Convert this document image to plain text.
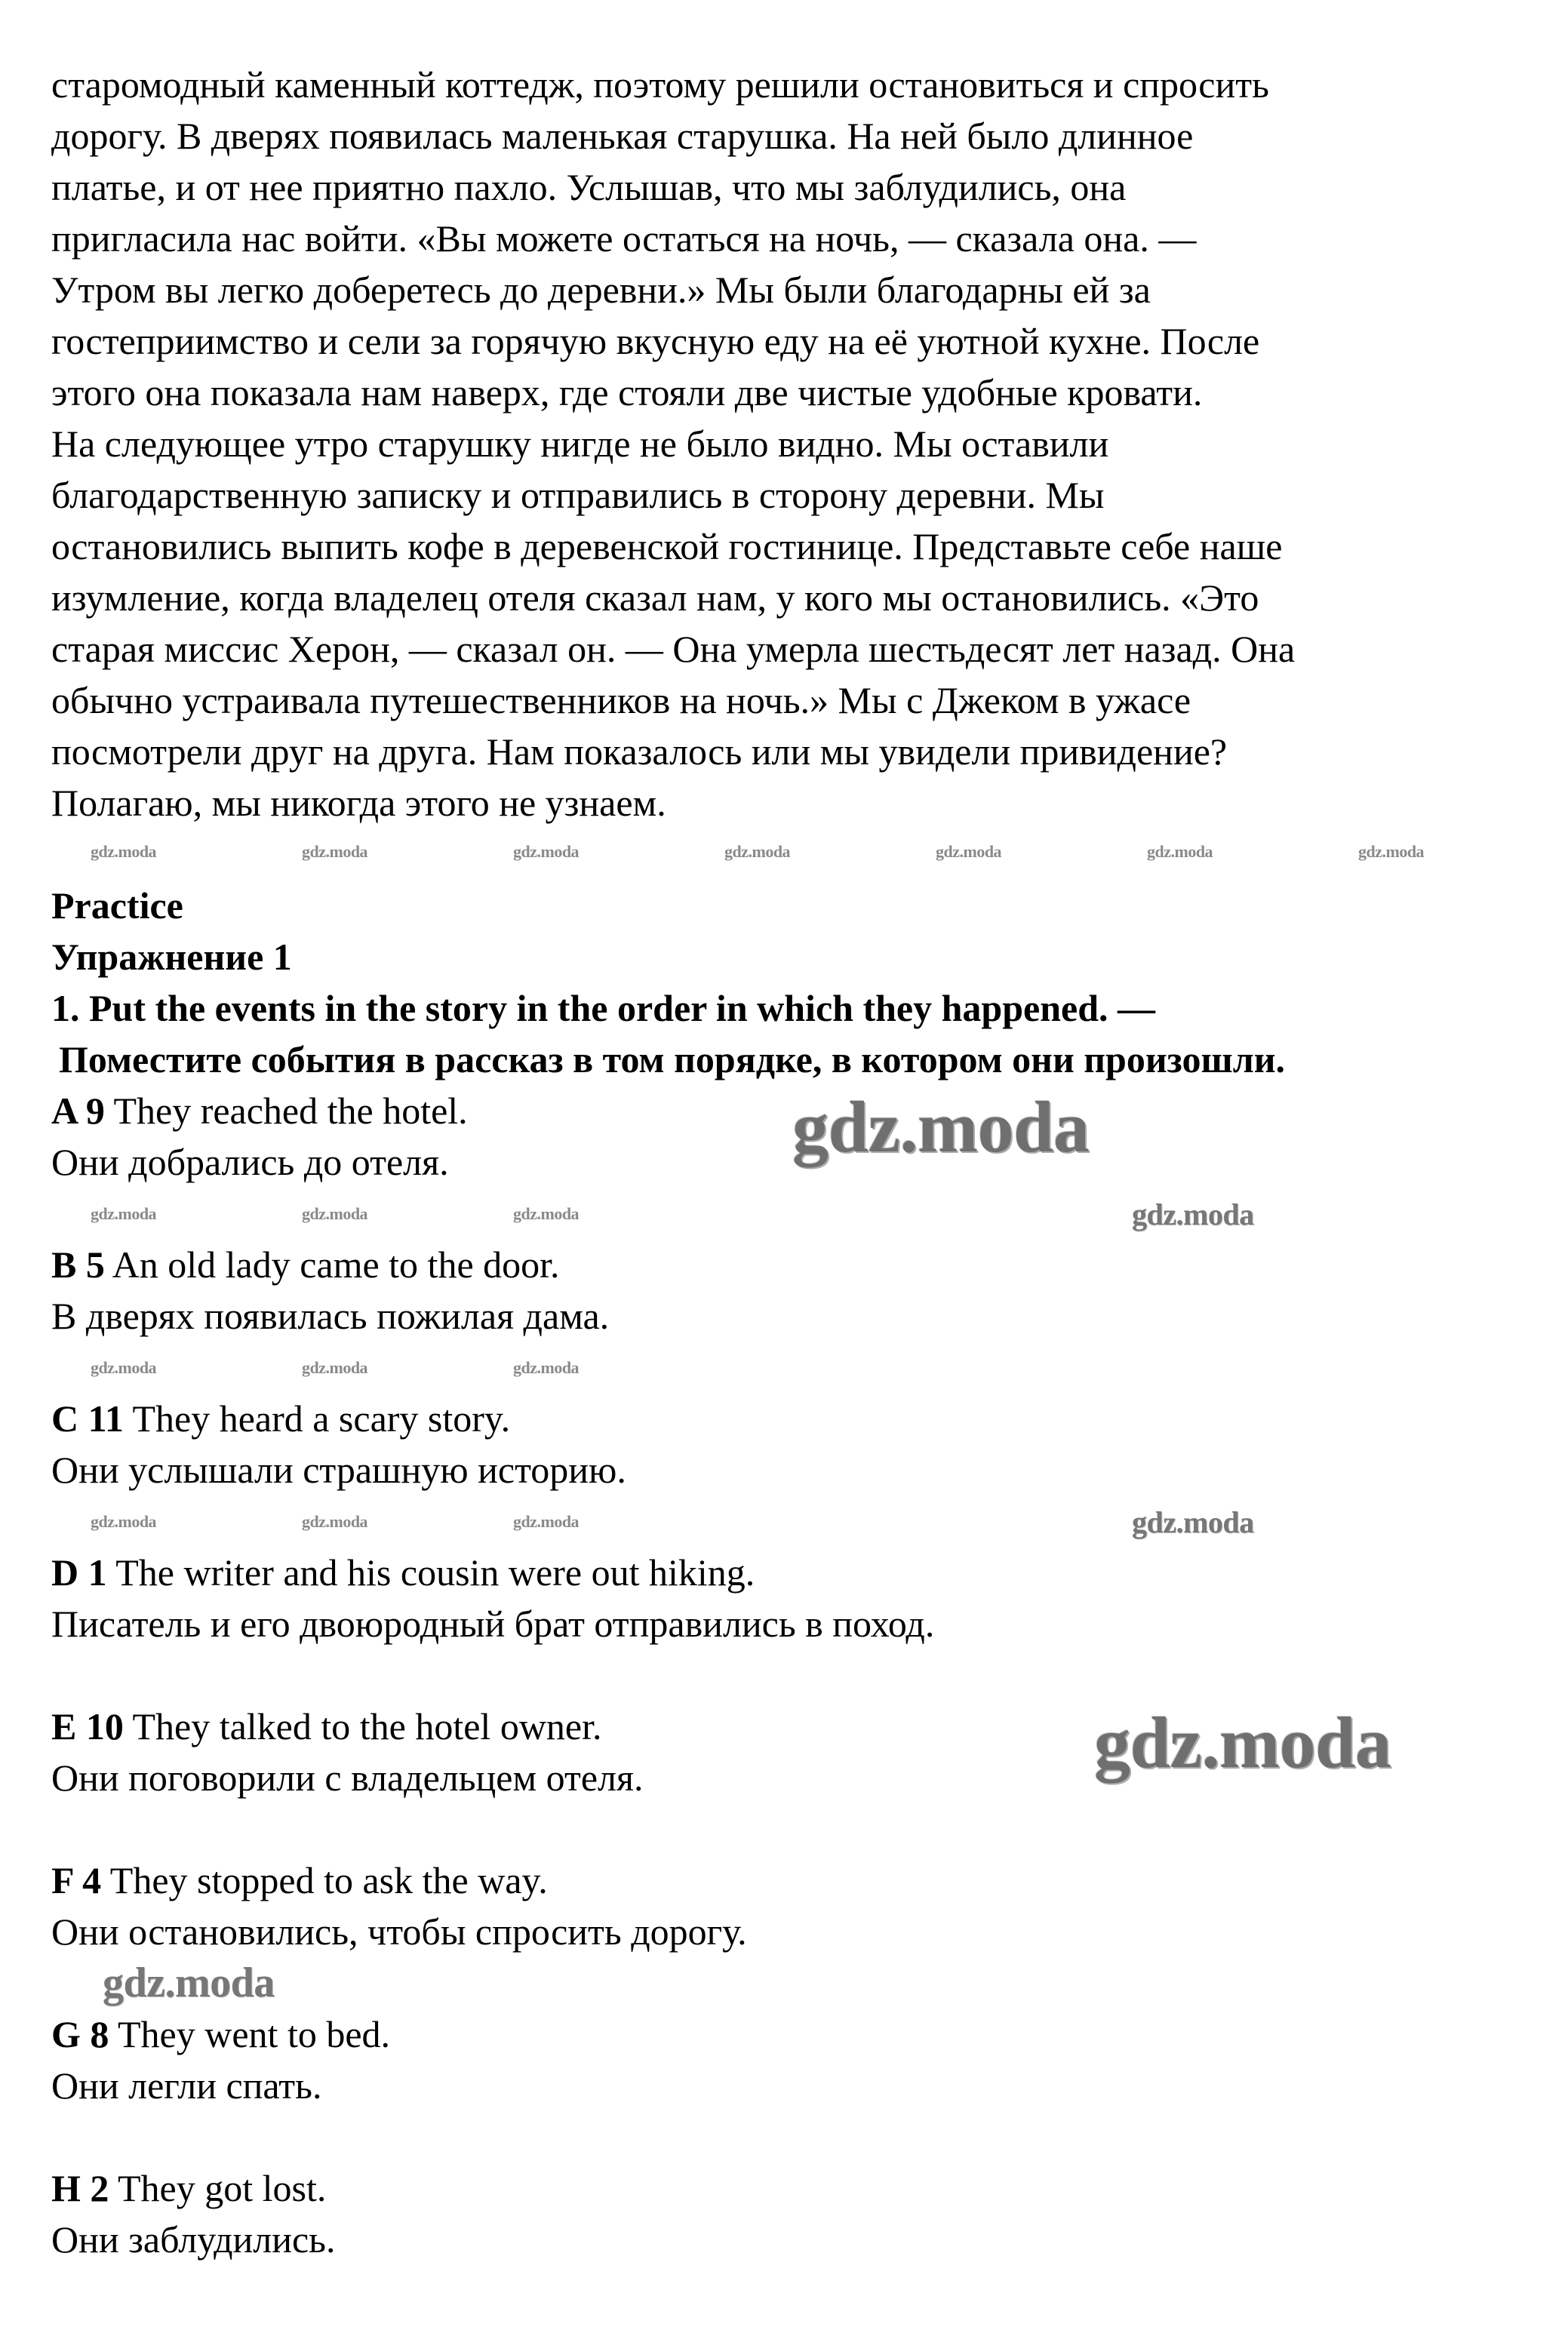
старомодный каменный коттедж, поэтому решили остановиться и спросить
дорогу. В дверях появилась маленькая старушка. На ней было длинное
платье, и от нее приятно пахло. Услышав, что мы заблудились, она
пригласила нас войти. «Вы можете остаться на ночь, — сказала она. —
Утром вы легко доберетесь до деревни.» Мы были благодарны ей за
гостеприимство и сели за горячую вкусную еду на её уютной кухне. После
этого она показала нам наверх, где стояли две чистые удобные кровати.
На следующее утро старушку нигде не было видно. Мы оставили
благодарственную записку и отправились в сторону деревни. Мы
остановились выпить кофе в деревенской гостинице. Представьте себе наше
изумление, когда владелец отеля сказал нам, у кого мы остановились. «Это
старая миссис Херон, — сказал он. — Она умерла шестьдесят лет назад. Она
обычно устраивала путешественников на ночь.» Мы с Джеком в ужасе
посмотрели друг на друга. Нам показалось или мы увидели привидение?
Полагаю, мы никогда этого не узнаем.
Practice
Упражнение 1
1. Put the events in the story in the order in which they happened. —
Поместите события в рассказ в том порядке, в котором они произошли.
A 9 They reached the hotel.
Они добрались до отеля.
B 5 An old lady came to the door.
В дверях появилась пожилая дама.
C 11 They heard a scary story.
Они услышали страшную историю.
D 1 The writer and his cousin were out hiking.
Писатель и его двоюродный брат отправились в поход.
E 10 They talked to the hotel owner.
Они поговорили с владельцем отеля.
F 4 They stopped to ask the way.
Они остановились, чтобы спросить дорогу.
G 8 They went to bed.
Они легли спать.
H 2 They got lost.
Они заблудились.
gdz.moda	gdz.moda	gdz.moda	gdz.moda	gdz.moda	gdz.moda	gdz.moda
gdz.moda	gdz.moda	gdz.moda
gdz.moda	gdz.moda	gdz.moda
gdz.moda	gdz.moda	gdz.moda
gdz.moda
gdz.moda
gdz.moda
gdz.moda
gdz.moda
